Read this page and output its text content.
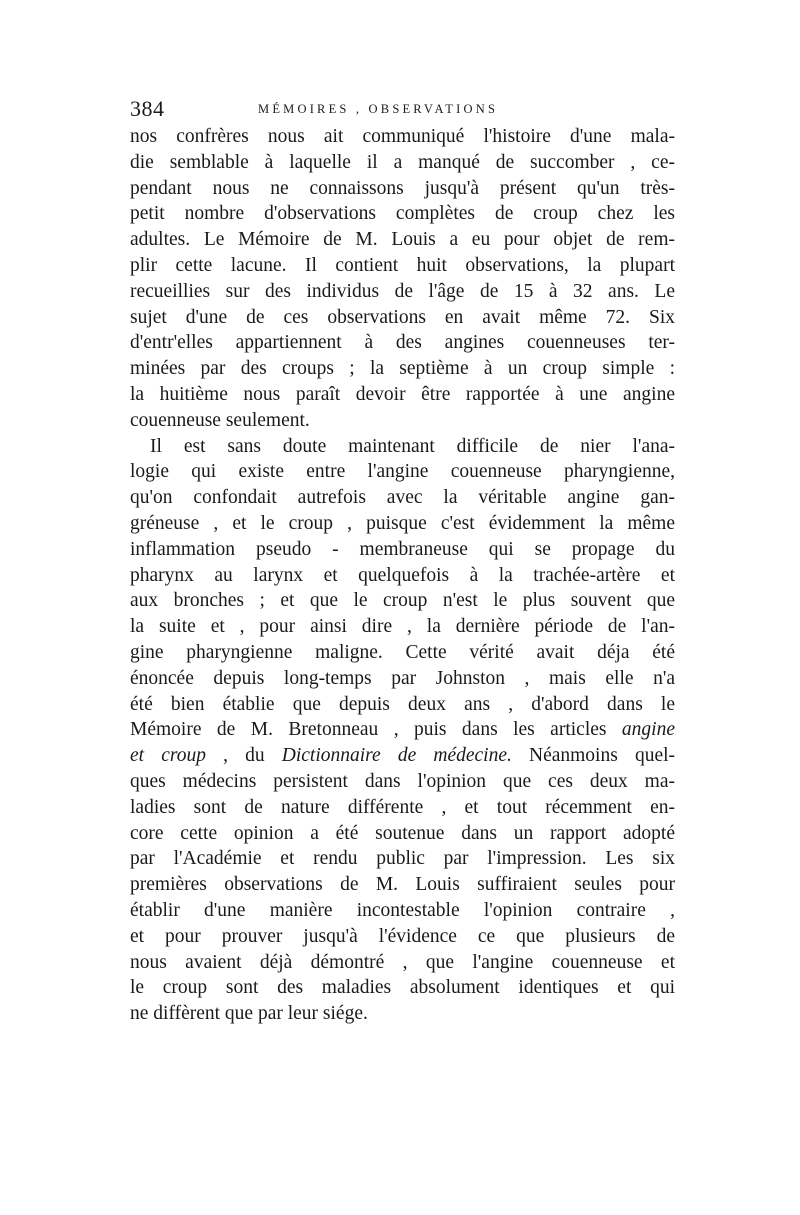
384	MÉMOIRES , OBSERVATIONS
nos confrères nous ait communiqué l'histoire d'une mala-
die semblable à laquelle il a manqué de succomber , ce-
pendant nous ne connaissons jusqu'à présent qu'un très-
petit nombre d'observations complètes de croup chez les
adultes. Le Mémoire de M. Louis a eu pour objet de rem-
plir cette lacune. Il contient huit observations, la plupart
recueillies sur des individus de l'âge de 15 à 32 ans. Le
sujet d'une de ces observations en avait même 72. Six
d'entr'elles appartiennent à des angines couenneuses ter-
minées par des croups ; la septième à un croup simple :
la huitième nous paraît devoir être rapportée à une angine
couenneuse seulement.
Il est sans doute maintenant difficile de nier l'ana-
logie qui existe entre l'angine couenneuse pharyngienne,
qu'on confondait autrefois avec la véritable angine gan-
gréneuse , et le croup , puisque c'est évidemment la même
inflammation pseudo - membraneuse qui se propage du
pharynx au larynx et quelquefois à la trachée-artère et
aux bronches ; et que le croup n'est le plus souvent que
la suite et , pour ainsi dire , la dernière période de l'an-
gine pharyngienne maligne. Cette vérité avait déja été
énoncée depuis long-temps par Johnston , mais elle n'a
été bien établie que depuis deux ans , d'abord dans le
Mémoire de M. Bretonneau , puis dans les articles angine
et croup , du Dictionnaire de médecine. Néanmoins quel-
ques médecins persistent dans l'opinion que ces deux ma-
ladies sont de nature différente , et tout récemment en-
core cette opinion a été soutenue dans un rapport adopté
par l'Académie et rendu public par l'impression. Les six
premières observations de M. Louis suffiraient seules pour
établir d'une manière incontestable l'opinion contraire ,
et pour prouver jusqu'à l'évidence ce que plusieurs de
nous avaient déjà démontré , que l'angine couenneuse et
le croup sont des maladies absolument identiques et qui
ne diffèrent que par leur siége.
